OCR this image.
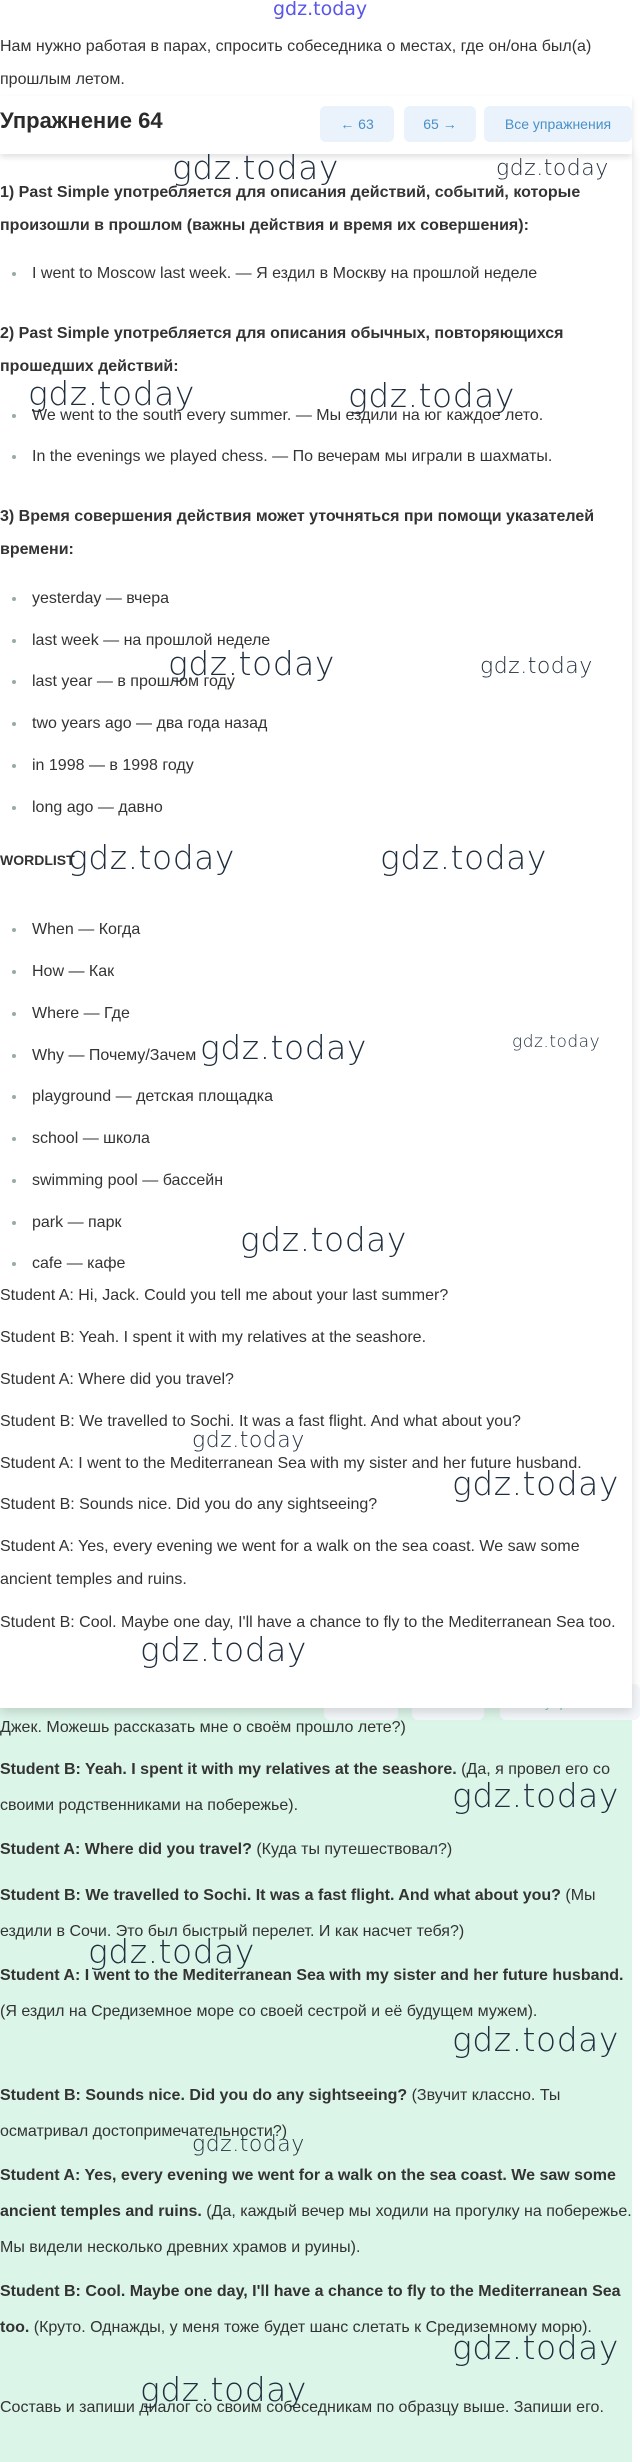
gdz.today
Нам нужно работая в парах, спросить собеседника о местах, где он/она был(а) прошлым летом.
Упражнение 64	← 63	65 →	Все упражнения
1) Past Simple употребляется для описания действий, событий, которые произошли в прошлом (важны действия и время их совершения):
I went to Moscow last week. — Я ездил в Москву на прошлой неделе
2) Past Simple употребляется для описания обычных, повторяющихся прошедших действий:
We went to the south every summer. — Мы ездили на юг каждое лето.
In the evenings we played chess. — По вечерам мы играли в шахматы.
3) Время совершения действия может уточняться при помощи указателей времени:
yesterday — вчера
last week — на прошлой неделе
last year — в прошлом году
two years ago — два года назад
in 1998 — в 1998 году
long ago — давно
WORDLIST
When — Когда
How — Как
Where — Где
Why — Почему/Зачем
playground — детская площадка
school — школа
swimming pool — бассейн
park — парк
cafe — кафе
Student A: Hi, Jack. Could you tell me about your last summer?
Student B: Yeah. I spent it with my relatives at the seashore.
Student A: Where did you travel?
Student B: We travelled to Sochi. It was a fast flight. And what about you?
Student A: I went to the Mediterranean Sea with my sister and her future husband.
Student B: Sounds nice. Did you do any sightseeing?
Student A: Yes, every evening we went for a walk on the sea coast. We saw some ancient temples and ruins.
Student B: Cool. Maybe one day, I'll have a chance to fly to the Mediterranean Sea too.
Джек. Можешь рассказать мне о своём прошло лете?)
Student B: Yeah. I spent it with my relatives at the seashore. (Да, я провел его со своими родственниками на побережье).
Student A: Where did you travel? (Куда ты путешествовал?)
Student B: We travelled to Sochi. It was a fast flight. And what about you? (Мы ездили в Сочи. Это был быстрый перелет. И как насчет тебя?)
Student A: I went to the Mediterranean Sea with my sister and her future husband. (Я ездил на Средиземное море со своей сестрой и её будущем мужем).
Student B: Sounds nice. Did you do any sightseeing? (Звучит классно. Ты осматривал достопримечательности?)
Student A: Yes, every evening we went for a walk on the sea coast. We saw some ancient temples and ruins. (Да, каждый вечер мы ходили на прогулку на побережье. Мы видели несколько древних храмов и руины).
Student B: Cool. Maybe one day, I'll have a chance to fly to the Mediterranean Sea too. (Круто. Однажды, у меня тоже будет шанс слетать к Средиземному морю).
Составь и запиши диалог со своим собеседникам по образцу выше. Запиши его.
gdz.today	gdz.today
gdz.today	gdz.today
gdz.today	gdz.today
gdz.today	gdz.today
gdz.today	gdz.today
gdz.today
gdz.today
gdz.today
gdz.today
gdz.today
gdz.today
gdz.today
gdz.today
gdz.today
gdz.today
